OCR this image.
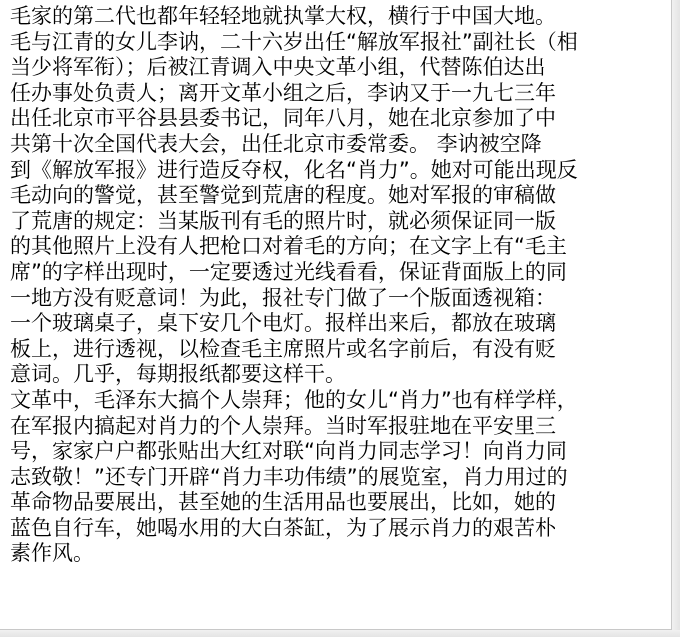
毛家的第二代也都年轻轻地就执掌大权，横行于中国大地。
毛与江青的女儿李讷，二十六岁出任“解放军报社”副社长（相
当少将军衔）；后被江青调入中央文革小组，代替陈伯达出
任办事处负责人；离开文革小组之后，李讷又于一九七三年
出任北京市平谷县县委书记，同年八月，她在北京参加了中
共第十次全国代表大会，出任北京市委常委。 李讷被空降
到《解放军报》进行造反夺权，化名“肖力”。她对可能出现反
毛动向的警觉，甚至警觉到荒唐的程度。她对军报的审稿做
了荒唐的规定：当某版刊有毛的照片时，就必须保证同一版
的其他照片上没有人把枪口对着毛的方向；在文字上有“毛主
席”的字样出现时，一定要透过光线看看，保证背面版上的同
一地方没有贬意词！为此，报社专门做了一个版面透视箱：
一个玻璃桌子，桌下安几个电灯。报样出来后，都放在玻璃
板上，进行透视，以检查毛主席照片或名字前后，有没有贬
意词。几乎，每期报纸都要这样干。
文革中，毛泽东大搞个人崇拜；他的女儿“肖力”也有样学样，
在军报内搞起对肖力的个人崇拜。当时军报驻地在平安里三
号，家家户户都张贴出大红对联“向肖力同志学习！向肖力同
志致敬！”还专门开辟“肖力丰功伟绩”的展览室，肖力用过的
革命物品要展出，甚至她的生活用品也要展出，比如，她的
蓝色自行车，她喝水用的大白茶缸，为了展示肖力的艰苦朴
素作风。
